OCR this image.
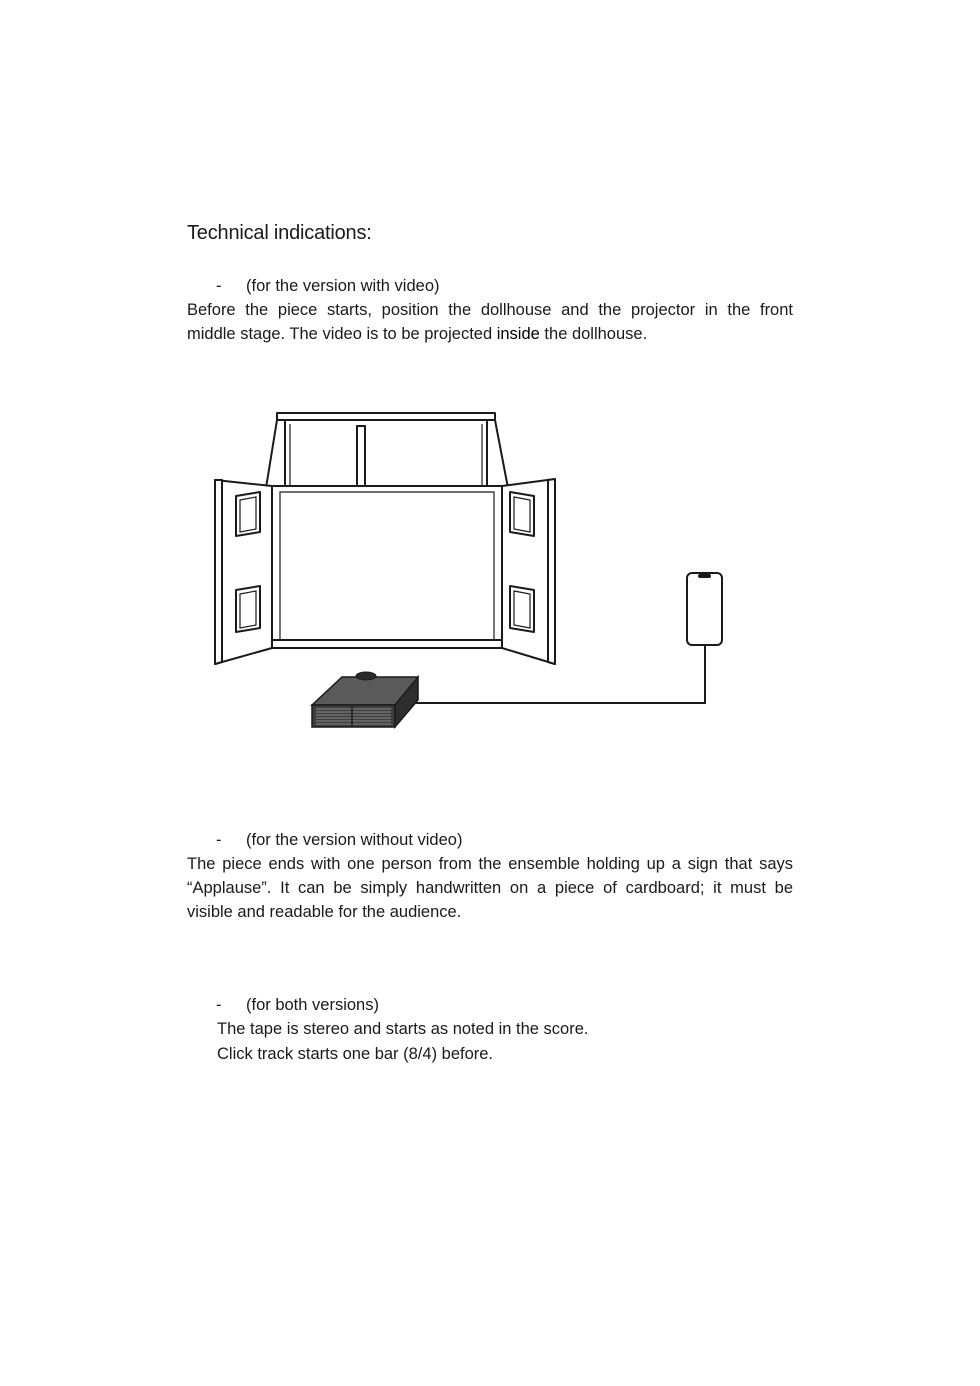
Technical indications:
- (for the version with video)
Before the piece starts, position the dollhouse and the projector in the front
middle stage. The video is to be projected inside the dollhouse.
- (for the version without video)
The piece ends with one person from the ensemble holding up a sign that says
“Applause”. It can be simply handwritten on a piece of cardboard; it must be
visible and readable for the audience.
- (for both versions)
The tape is stereo and starts as noted in the score.
Click track starts one bar (8/4) before.
